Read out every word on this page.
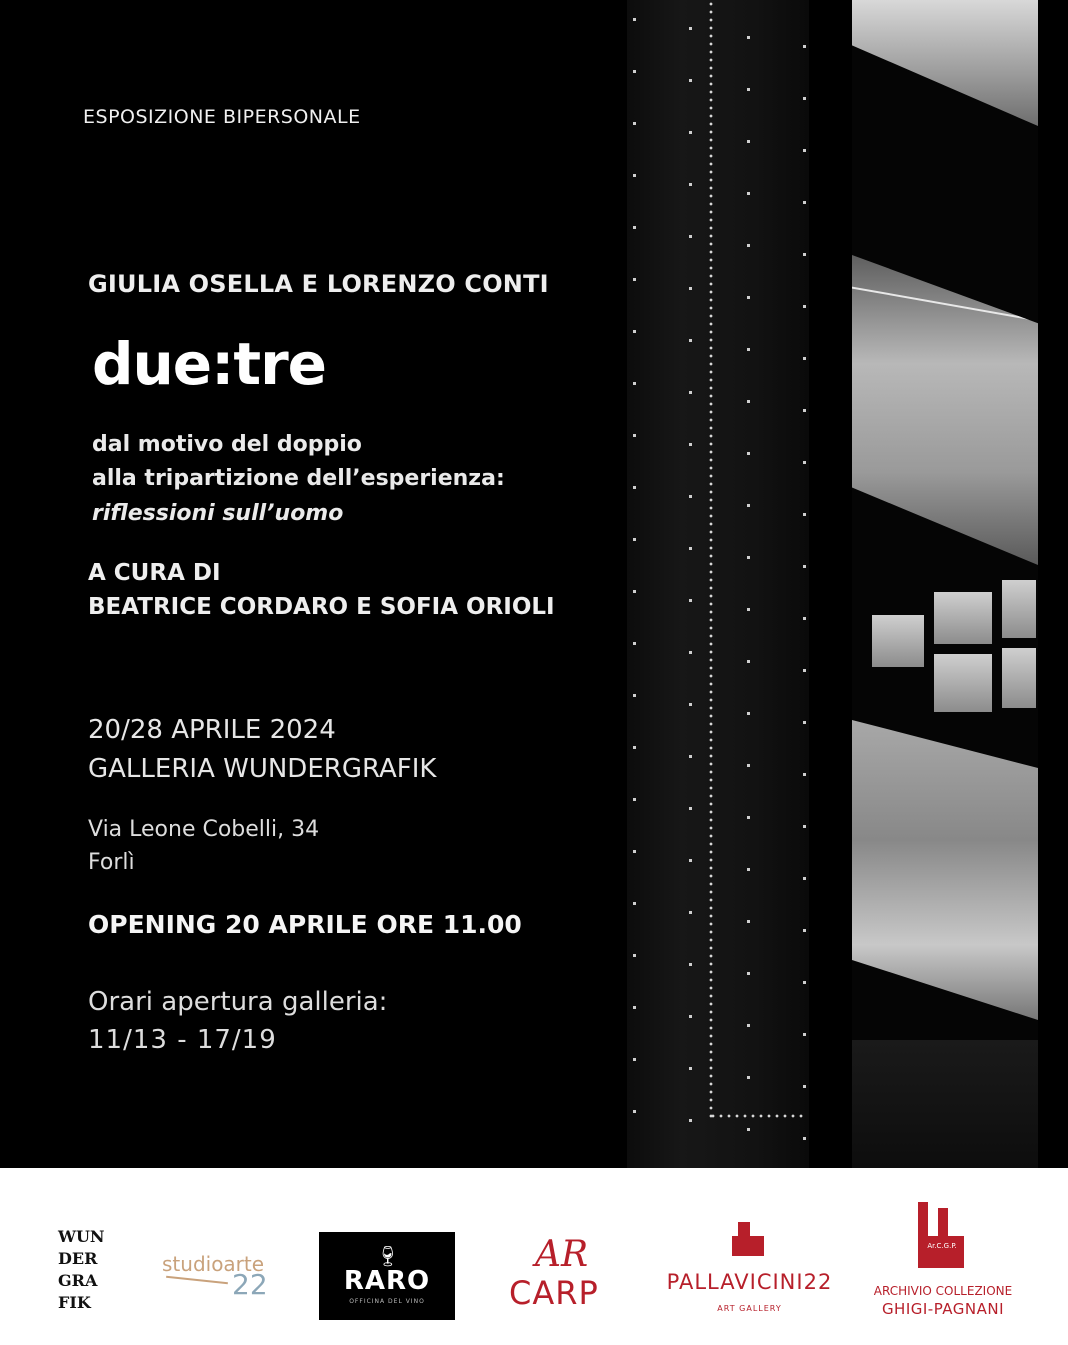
ESPOSIZIONE BIPERSONALE
GIULIA OSELLA E LORENZO CONTI
due:tre
dal motivo del doppio
alla tripartizione dell’esperienza:
riflessioni sull’uomo
A CURA DI
BEATRICE CORDARO E SOFIA ORIOLI
20/28 APRILE 2024
GALLERIA WUNDERGRAFIK
Via Leone Cobelli, 34
Forlì
OPENING 20 APRILE ORE 11.00
Orari apertura galleria:
11/13 - 17/19
WUN
DER
GRA
FIK
studioarte
22
🍷︎
RARO
OFFICINA DEL VINO
AR
CARP	PALLAVICINI22
ART GALLERY
Ar.C.G.P.
ARCHIVIO COLLEZIONE
GHIGI-PAGNANI
